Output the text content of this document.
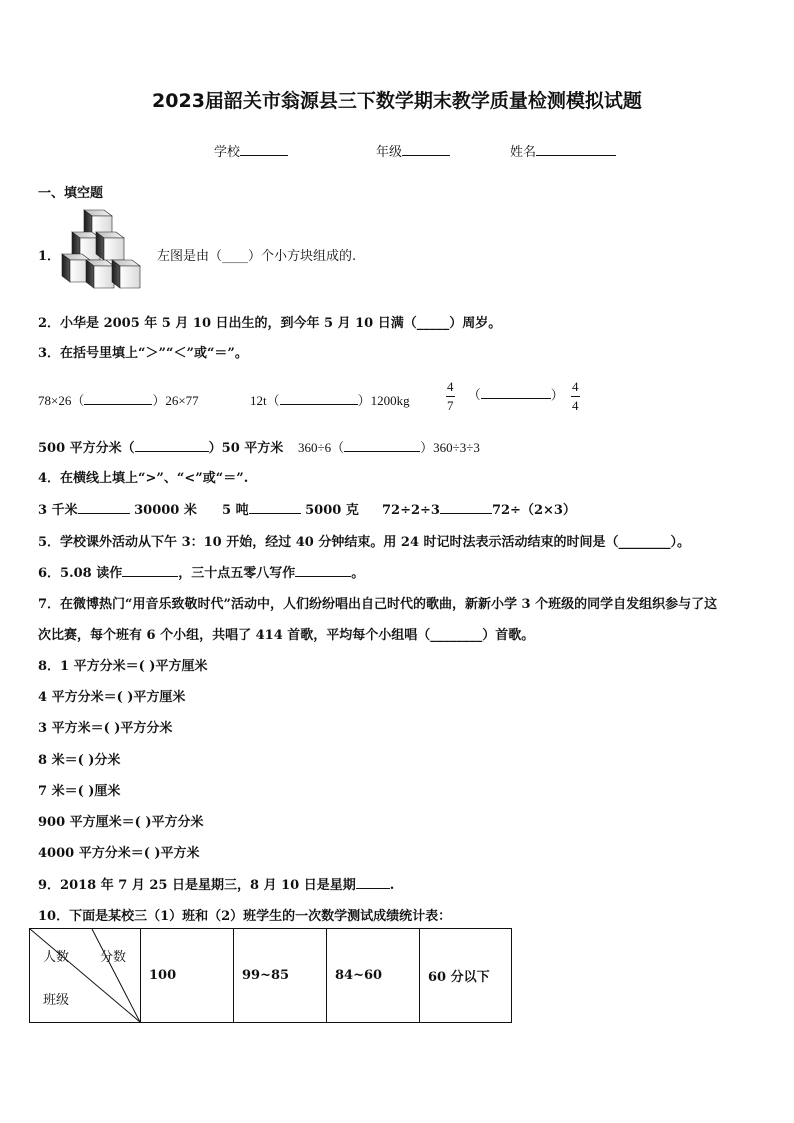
2023届韶关市翁源县三下数学期末教学质量检测模拟试题
学校	年级	姓名
一、填空题
1．	左图是由（____）个小方块组成的.
2．小华是 2005 年 5 月 10 日出生的，到今年 5 月 10 日满（_____）周岁。
3．在括号里填上“＞”“＜”或“＝”。
78×26（	）26×77	12t（	）1200kg	$\frac{4}{7}$ （	） $\frac{4}{4}$
500 平方分米（	）50 平方米 360÷6（	）360÷3÷3
4．在横线上填上“>”、“<”或“＝”.
3 千米	30000 米 5 吨	5000 克 72÷2÷3	72÷（2×3）
5．学校课外活动从下午 3：10 开始，经过 40 分钟结束。用 24 时记时法表示活动结束的时间是（________）。
6．5.08 读作	，三十点五零八写作	。
7．在微博热门“用音乐致敬时代”活动中，人们纷纷唱出自己时代的歌曲，新新小学 3 个班级的同学自发组织参与了这
次比赛，每个班有 6 个小组，共唱了 414 首歌，平均每个小组唱（________）首歌。
8．1 平方分米＝( )平方厘米
4 平方分米＝( )平方厘米
3 平方米＝( )平方分米
8 米＝( )分米
7 米＝( )厘米
900 平方厘米＝( )平方分米
4000 平方分米＝( )平方米
9．2018 年 7 月 25 日是星期三，8 月 10 日是星期	.
10．下面是某校三（1）班和（2）班学生的一次数学测试成绩统计表：
人数 分数
班级
	100	99~85	84~60	60 分以下
